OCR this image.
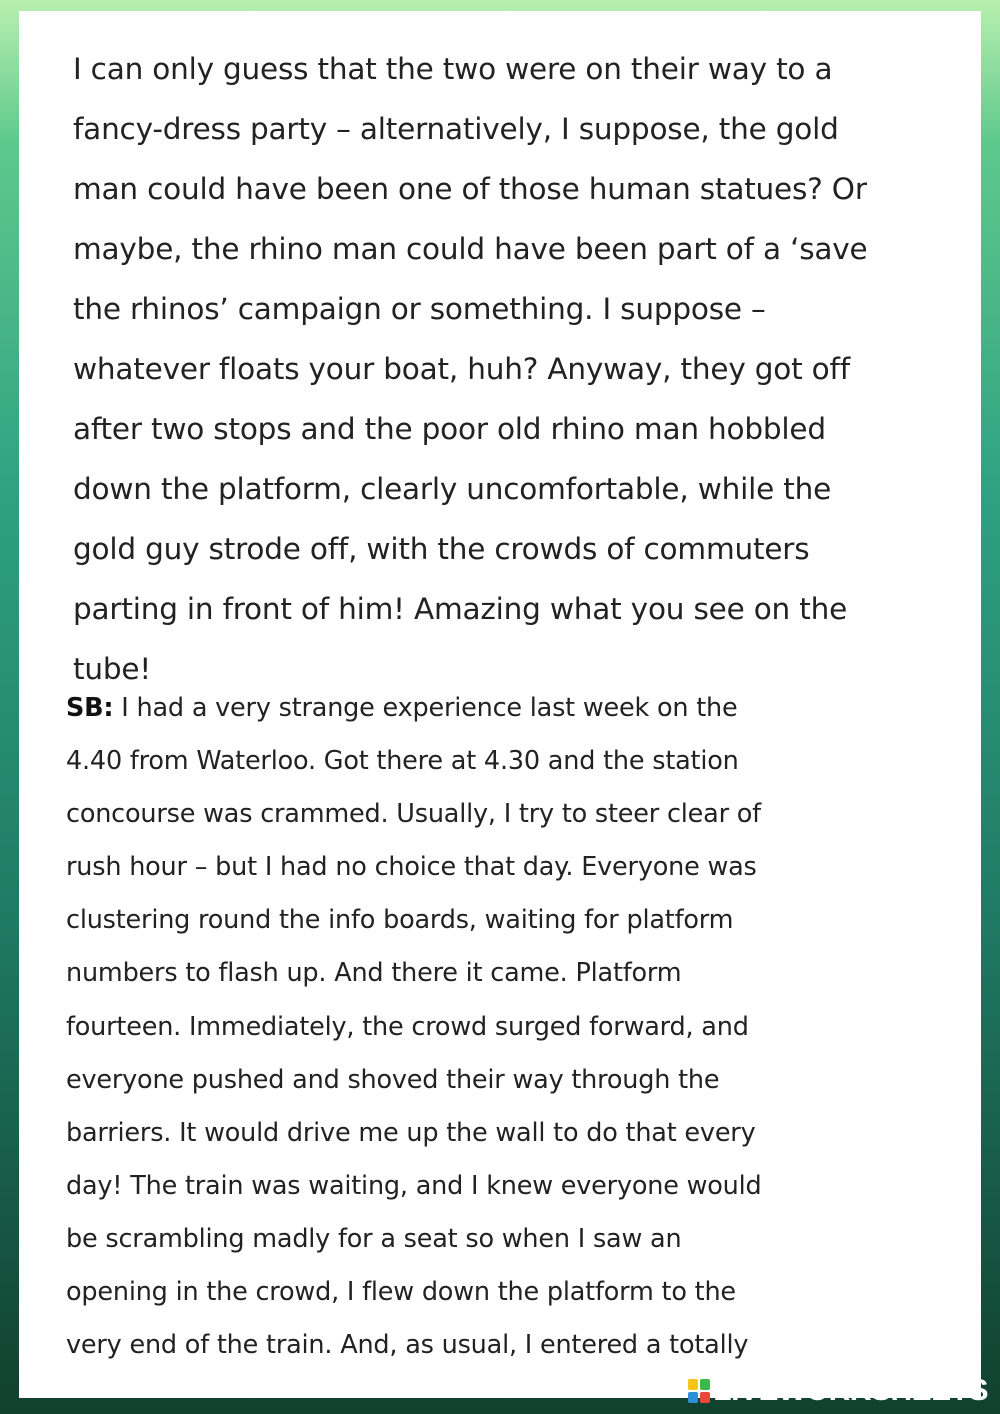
I can only guess that the two were on their way to a
fancy-dress party – alternatively, I suppose, the gold
man could have been one of those human statues? Or
maybe, the rhino man could have been part of a ‘save
the rhinos’ campaign or something. I suppose –
whatever floats your boat, huh? Anyway, they got off
after two stops and the poor old rhino man hobbled
down the platform, clearly uncomfortable, while the
gold guy strode off, with the crowds of commuters
parting in front of him! Amazing what you see on the
tube!

SB: I had a very strange experience last week on the
4.40 from Waterloo. Got there at 4.30 and the station
concourse was crammed. Usually, I try to steer clear of
rush hour – but I had no choice that day. Everyone was
clustering round the info boards, waiting for platform
numbers to flash up. And there it came. Platform
fourteen. Immediately, the crowd surged forward, and
everyone pushed and shoved their way through the
barriers. It would drive me up the wall to do that every
day! The train was waiting, and I knew everyone would
be scrambling madly for a seat so when I saw an
opening in the crowd, I flew down the platform to the
very end of the train. And, as usual, I entered a totally

LIVEWORKSHEETS
